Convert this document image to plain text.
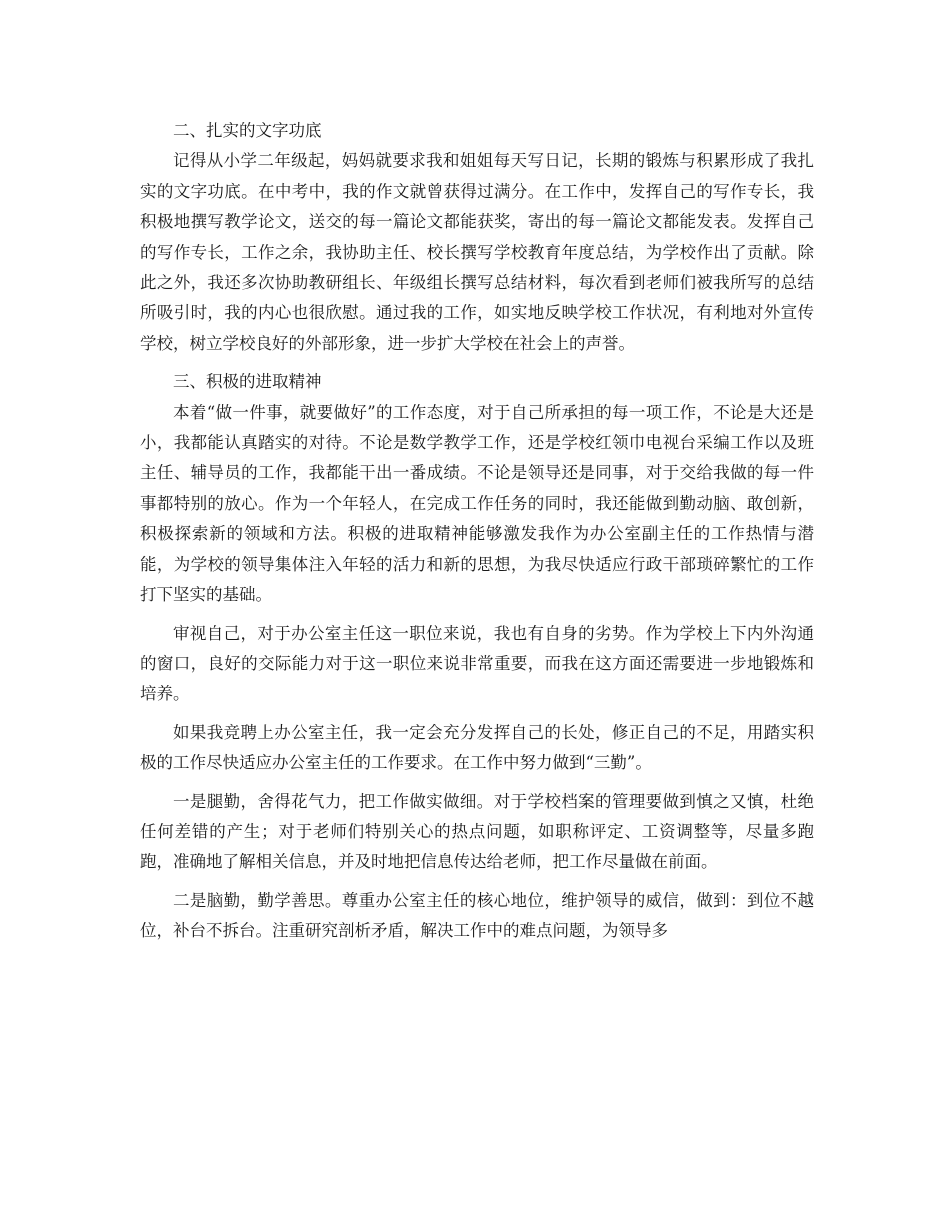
二、扎实的文字功底

记得从小学二年级起，妈妈就要求我和姐姐每天写日记，长期的锻炼与积累形成了我扎实的文字功底。在中考中，我的作文就曾获得过满分。在工作中，发挥自己的写作专长，我积极地撰写教学论文，送交的每一篇论文都能获奖，寄出的每一篇论文都能发表。发挥自己的写作专长，工作之余，我协助主任、校长撰写学校教育年度总结，为学校作出了贡献。除此之外，我还多次协助教研组长、年级组长撰写总结材料，每次看到老师们被我所写的总结所吸引时，我的内心也很欣慰。通过我的工作，如实地反映学校工作状况，有利地对外宣传学校，树立学校良好的外部形象，进一步扩大学校在社会上的声誉。

三、积极的进取精神

本着“做一件事，就要做好”的工作态度，对于自己所承担的每一项工作，不论是大还是小，我都能认真踏实的对待。不论是数学教学工作，还是学校红领巾电视台采编工作以及班主任、辅导员的工作，我都能干出一番成绩。不论是领导还是同事，对于交给我做的每一件事都特别的放心。作为一个年轻人，在完成工作任务的同时，我还能做到勤动脑、敢创新，积极探索新的领域和方法。积极的进取精神能够激发我作为办公室副主任的工作热情与潜能，为学校的领导集体注入年轻的活力和新的思想，为我尽快适应行政干部琐碎繁忙的工作打下坚实的基础。

审视自己，对于办公室主任这一职位来说，我也有自身的劣势。作为学校上下内外沟通的窗口，良好的交际能力对于这一职位来说非常重要，而我在这方面还需要进一步地锻炼和培养。

如果我竞聘上办公室主任，我一定会充分发挥自己的长处，修正自己的不足，用踏实积极的工作尽快适应办公室主任的工作要求。在工作中努力做到“三勤”。

一是腿勤，舍得花气力，把工作做实做细。对于学校档案的管理要做到慎之又慎，杜绝任何差错的产生；对于老师们特别关心的热点问题，如职称评定、工资调整等，尽量多跑跑，准确地了解相关信息，并及时地把信息传达给老师，把工作尽量做在前面。

二是脑勤，勤学善思。尊重办公室主任的核心地位，维护领导的威信，做到：到位不越位，补台不拆台。注重研究剖析矛盾，解决工作中的难点问题，为领导多
